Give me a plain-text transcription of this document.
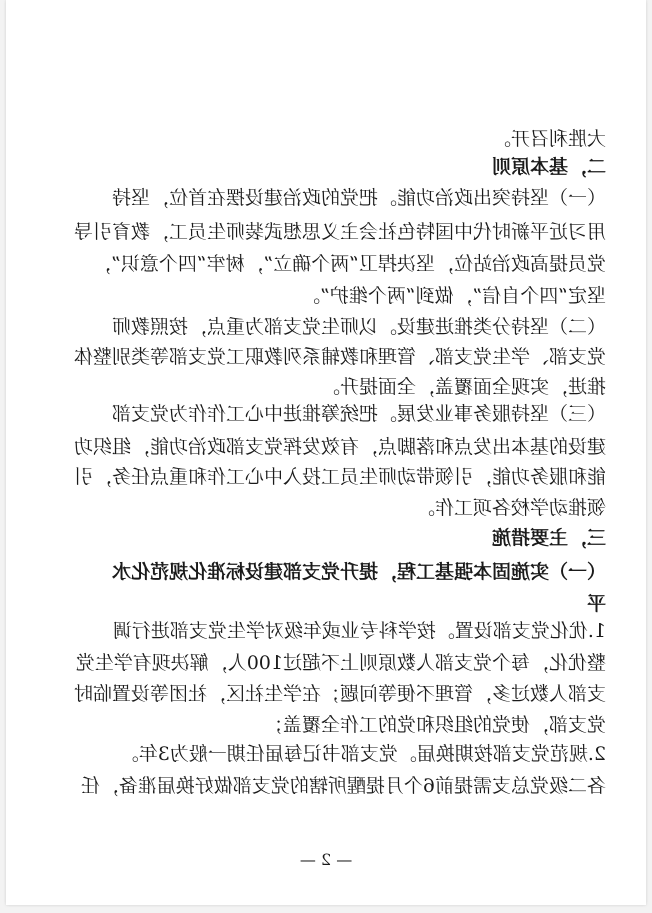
大胜利召开。
二，基本原则
（一）坚持突出政治功能。把党的政治建设摆在首位，坚持
用习近平新时代中国特色社会主义思想武装师生员工，教育引导
党员提高政治站位，坚决捍卫“两个确立”，树牢“四个意识”，
坚定“四个自信”，做到“两个维护”。
（二）坚持分类推进建设。以师生党支部为重点，按照教师
党支部、学生党支部、管理和教辅系列教职工党支部等类别整体
推进，实现全面覆盖，全面提升。
（三）坚持服务事业发展。把统筹推进中心工作作为党支部
建设的基本出发点和落脚点，有效发挥党支部政治功能，组织功
能和服务功能，引领带动师生员工投入中心工作和重点任务，引
领推动学校各项工作。
三，主要措施
（一）实施固本强基工程，提升党支部建设标准化规范化水
平
1.优化党支部设置。按学科专业或年级对学生党支部进行调
整优化，每个党支部人数原则上不超过100人，解决现有学生党
支部人数过多，管理不便等问题；在学生社区，社团等设置临时
党支部，使党的组织和党的工作全覆盖；
2.规范党支部按期换届。党支部书记每届任期一般为3年。
各二级党总支需提前6个月提醒所辖的党支部做好换届准备，任
— 2 —
